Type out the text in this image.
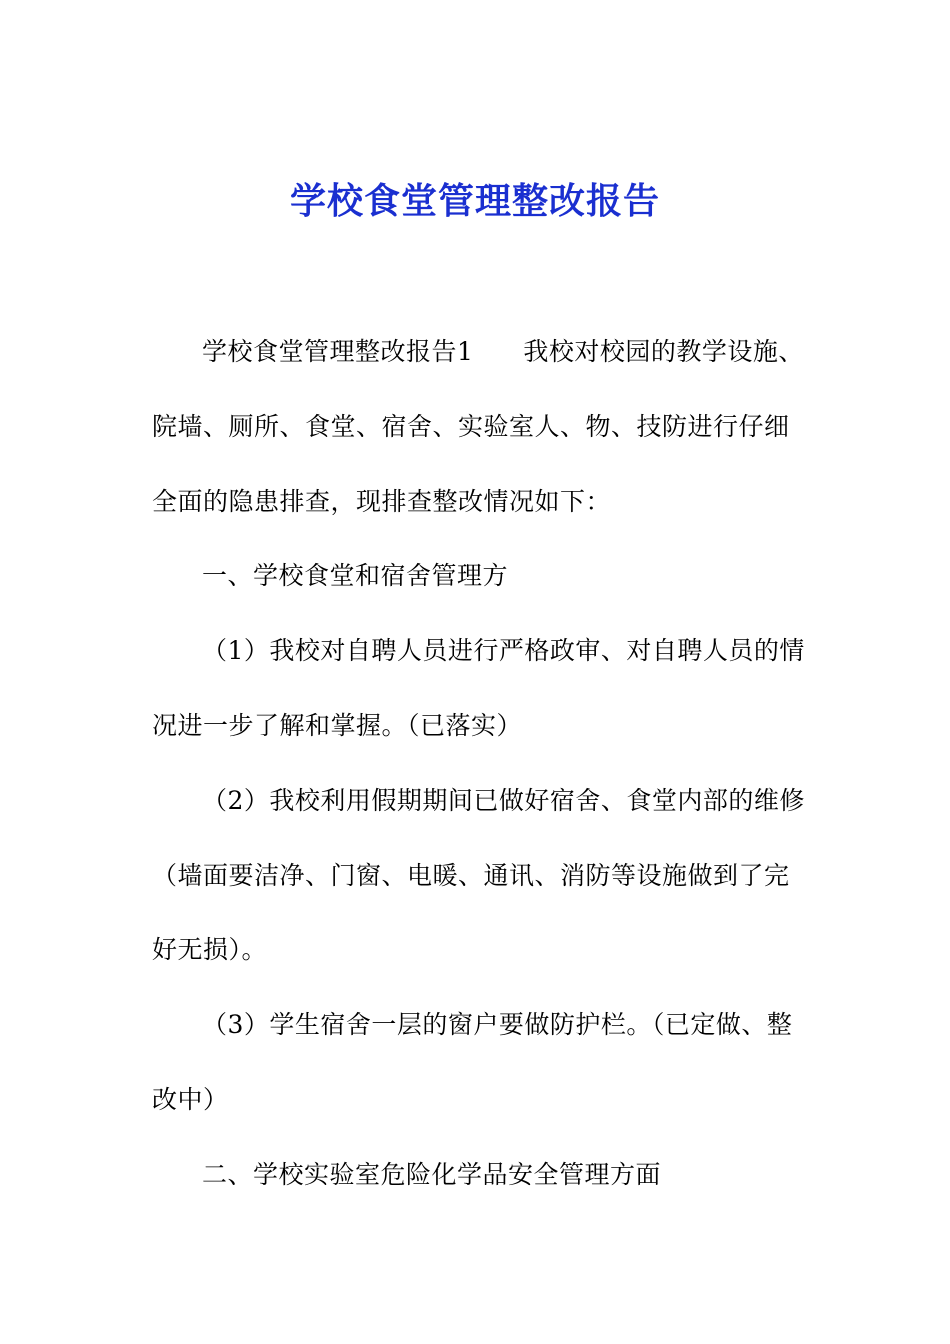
学校食堂管理整改报告
学校食堂管理整改报告1 我校对校园的教学设施、
院墙、厕所、食堂、宿舍、实验室人、物、技防进行仔细
全面的隐患排查，现排查整改情况如下：
一、学校食堂和宿舍管理方
（1）我校对自聘人员进行严格政审、对自聘人员的情
况进一步了解和掌握。（已落实）
（2）我校利用假期期间已做好宿舍、食堂内部的维修
（墙面要洁净、门窗、电暖、通讯、消防等设施做到了完
好无损）。
（3）学生宿舍一层的窗户要做防护栏。（已定做、整
改中）
二、学校实验室危险化学品安全管理方面
